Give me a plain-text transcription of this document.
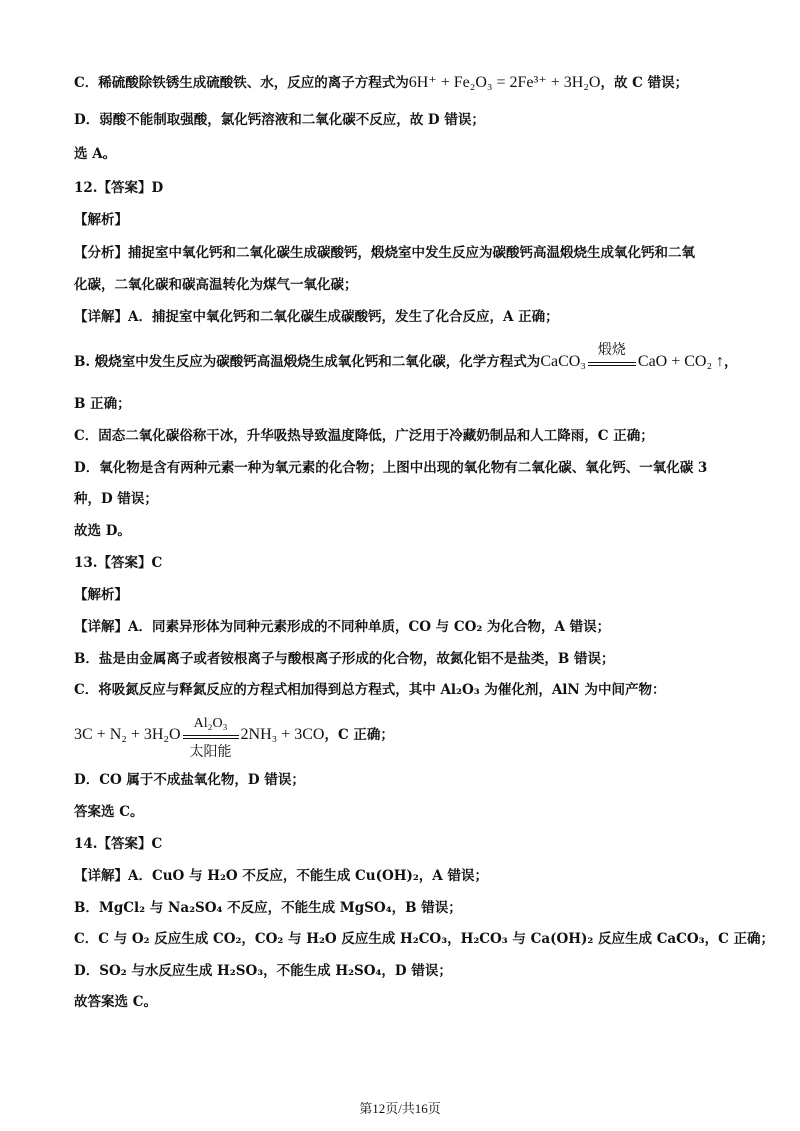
C．稀硫酸除铁锈生成硫酸铁、水，反应的离子方程式为6H⁺ + Fe₂O₃ = 2Fe³⁺ + 3H₂O，故 C 错误；
D．弱酸不能制取强酸，氯化钙溶液和二氧化碳不反应，故 D 错误；
选 A。
12.【答案】D
【解析】
【分析】捕捉室中氧化钙和二氧化碳生成碳酸钙，煅烧室中发生反应为碳酸钙高温煅烧生成氧化钙和二氧
化碳，二氧化碳和碳高温转化为煤气一氧化碳；
【详解】A．捕捉室中氧化钙和二氧化碳生成碳酸钙，发生了化合反应，A 正确；
B. 煅烧室中发生反应为碳酸钙高温煅烧生成氧化钙和二氧化碳，化学方程式为CaCO₃
煅烧
CaO + CO₂ ↑，
B 正确；
C．固态二氧化碳俗称干冰，升华吸热导致温度降低，广泛用于冷藏奶制品和人工降雨，C 正确；
D．氧化物是含有两种元素一种为氧元素的化合物；上图中出现的氧化物有二氧化碳、氧化钙、一氧化碳 3
种，D 错误；
故选 D。
13.【答案】C
【解析】
【详解】A．同素异形体为同种元素形成的不同种单质，CO 与 CO₂ 为化合物，A 错误；
B．盐是由金属离子或者铵根离子与酸根离子形成的化合物，故氮化铝不是盐类，B 错误；
C．将吸氮反应与释氮反应的方程式相加得到总方程式，其中 Al₂O₃ 为催化剂，AlN 为中间产物：
3C + N₂ + 3H₂O
Al₂O₃
太阳能
2NH₃ + 3CO，C 正确；
D．CO 属于不成盐氧化物，D 错误；
答案选 C。
14.【答案】C
【详解】A．CuO 与 H₂O 不反应，不能生成 Cu(OH)₂，A 错误；
B．MgCl₂ 与 Na₂SO₄ 不反应，不能生成 MgSO₄，B 错误；
C．C 与 O₂ 反应生成 CO₂，CO₂ 与 H₂O 反应生成 H₂CO₃，H₂CO₃ 与 Ca(OH)₂ 反应生成 CaCO₃，C 正确；
D．SO₂ 与水反应生成 H₂SO₃，不能生成 H₂SO₄，D 错误；
故答案选 C。
第12页/共16页
